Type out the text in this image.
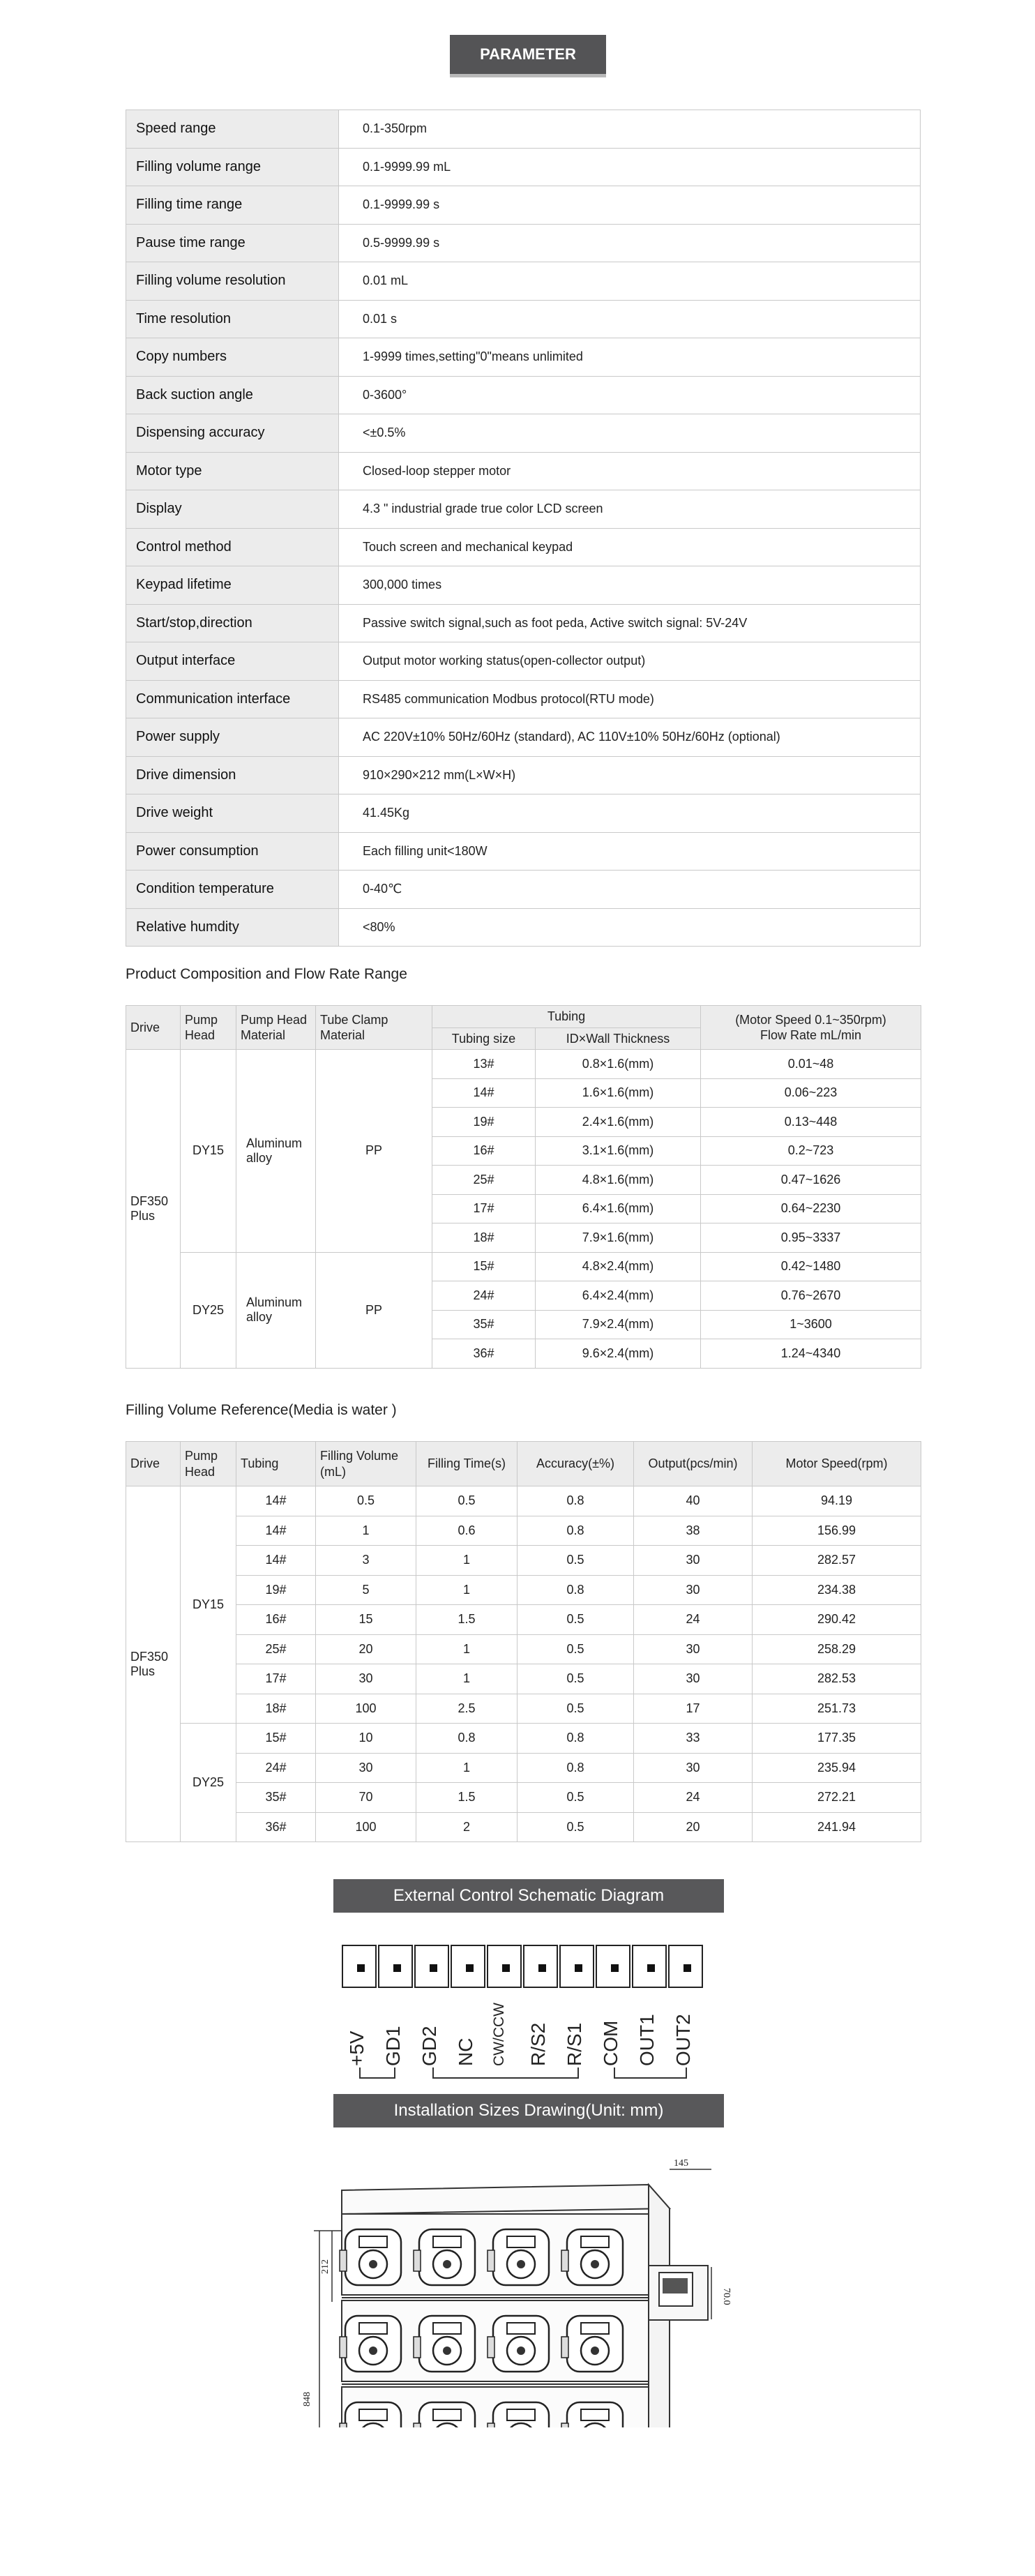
PARAMETER
Speed range	0.1-350rpm
Filling volume range	0.1-9999.99 mL
Filling time range	0.1-9999.99 s
Pause time range	0.5-9999.99 s
Filling volume resolution	0.01 mL
Time resolution	0.01 s
Copy numbers	1-9999 times,setting"0"means unlimited
Back suction angle	0-3600°
Dispensing accuracy	<±0.5%
Motor type	Closed-loop stepper motor
Display	4.3 " industrial grade true color LCD screen
Control method	Touch screen and mechanical keypad
Keypad lifetime	300,000 times
Start/stop,direction	Passive switch signal,such as foot peda, Active switch signal: 5V-24V
Output interface	Output motor working status(open-collector output)
Communication interface	RS485 communication Modbus protocol(RTU mode)
Power supply	AC 220V±10% 50Hz/60Hz (standard), AC 110V±10% 50Hz/60Hz (optional)
Drive dimension	910×290×212 mm(L×W×H)
Drive weight	41.45Kg
Power consumption	Each filling unit<180W
Condition temperature	0-40℃
Relative humdity	<80%
Product Composition and Flow Rate Range
Drive	Pump Head	Pump Head Material	Tube Clamp Material	Tubing		(Motor Speed 0.1~350rpm)
Flow Rate mL/min

				Tubing size	ID×Wall Thickness	
DF350 Plus	DY15	Aluminum alloy	PP	13#	0.8×1.6(mm)	0.01~48
				14#	1.6×1.6(mm)	0.06~223
				19#	2.4×1.6(mm)	0.13~448
				16#	3.1×1.6(mm)	0.2~723
				25#	4.8×1.6(mm)	0.47~1626
				17#	6.4×1.6(mm)	0.64~2230
				18#	7.9×1.6(mm)	0.95~3337
	DY25	Aluminum alloy	PP	15#	4.8×2.4(mm)	0.42~1480
				24#	6.4×2.4(mm)	0.76~2670
				35#	7.9×2.4(mm)	1~3600
				36#	9.6×2.4(mm)	1.24~4340
Filling Volume Reference(Media is water )
Drive	Pump Head	Tubing	Filling Volume (mL)	Filling Time(s)	Accuracy(±%)	Output(pcs/min)	Motor Speed(rpm)
DF350 Plus	DY15	14#	0.5	0.5	0.8	40	94.19
		14#	1	0.6	0.8	38	156.99
		14#	3	1	0.5	30	282.57
		19#	5	1	0.8	30	234.38
		16#	15	1.5	0.5	24	290.42
		25#	20	1	0.5	30	258.29
		17#	30	1	0.5	30	282.53
		18#	100	2.5	0.5	17	251.73
	DY25	15#	10	0.8	0.8	33	177.35
		24#	30	1	0.8	30	235.94
		35#	70	1.5	0.5	24	272.21
		36#	100	2	0.5	20	241.94
External Control Schematic Diagram
+5V GD1 GD2 NC CW/CCW R/S2 R/S1 COM OUT1 OUT2
Installation Sizes Drawing(Unit: mm)
145
70.0
212
848
